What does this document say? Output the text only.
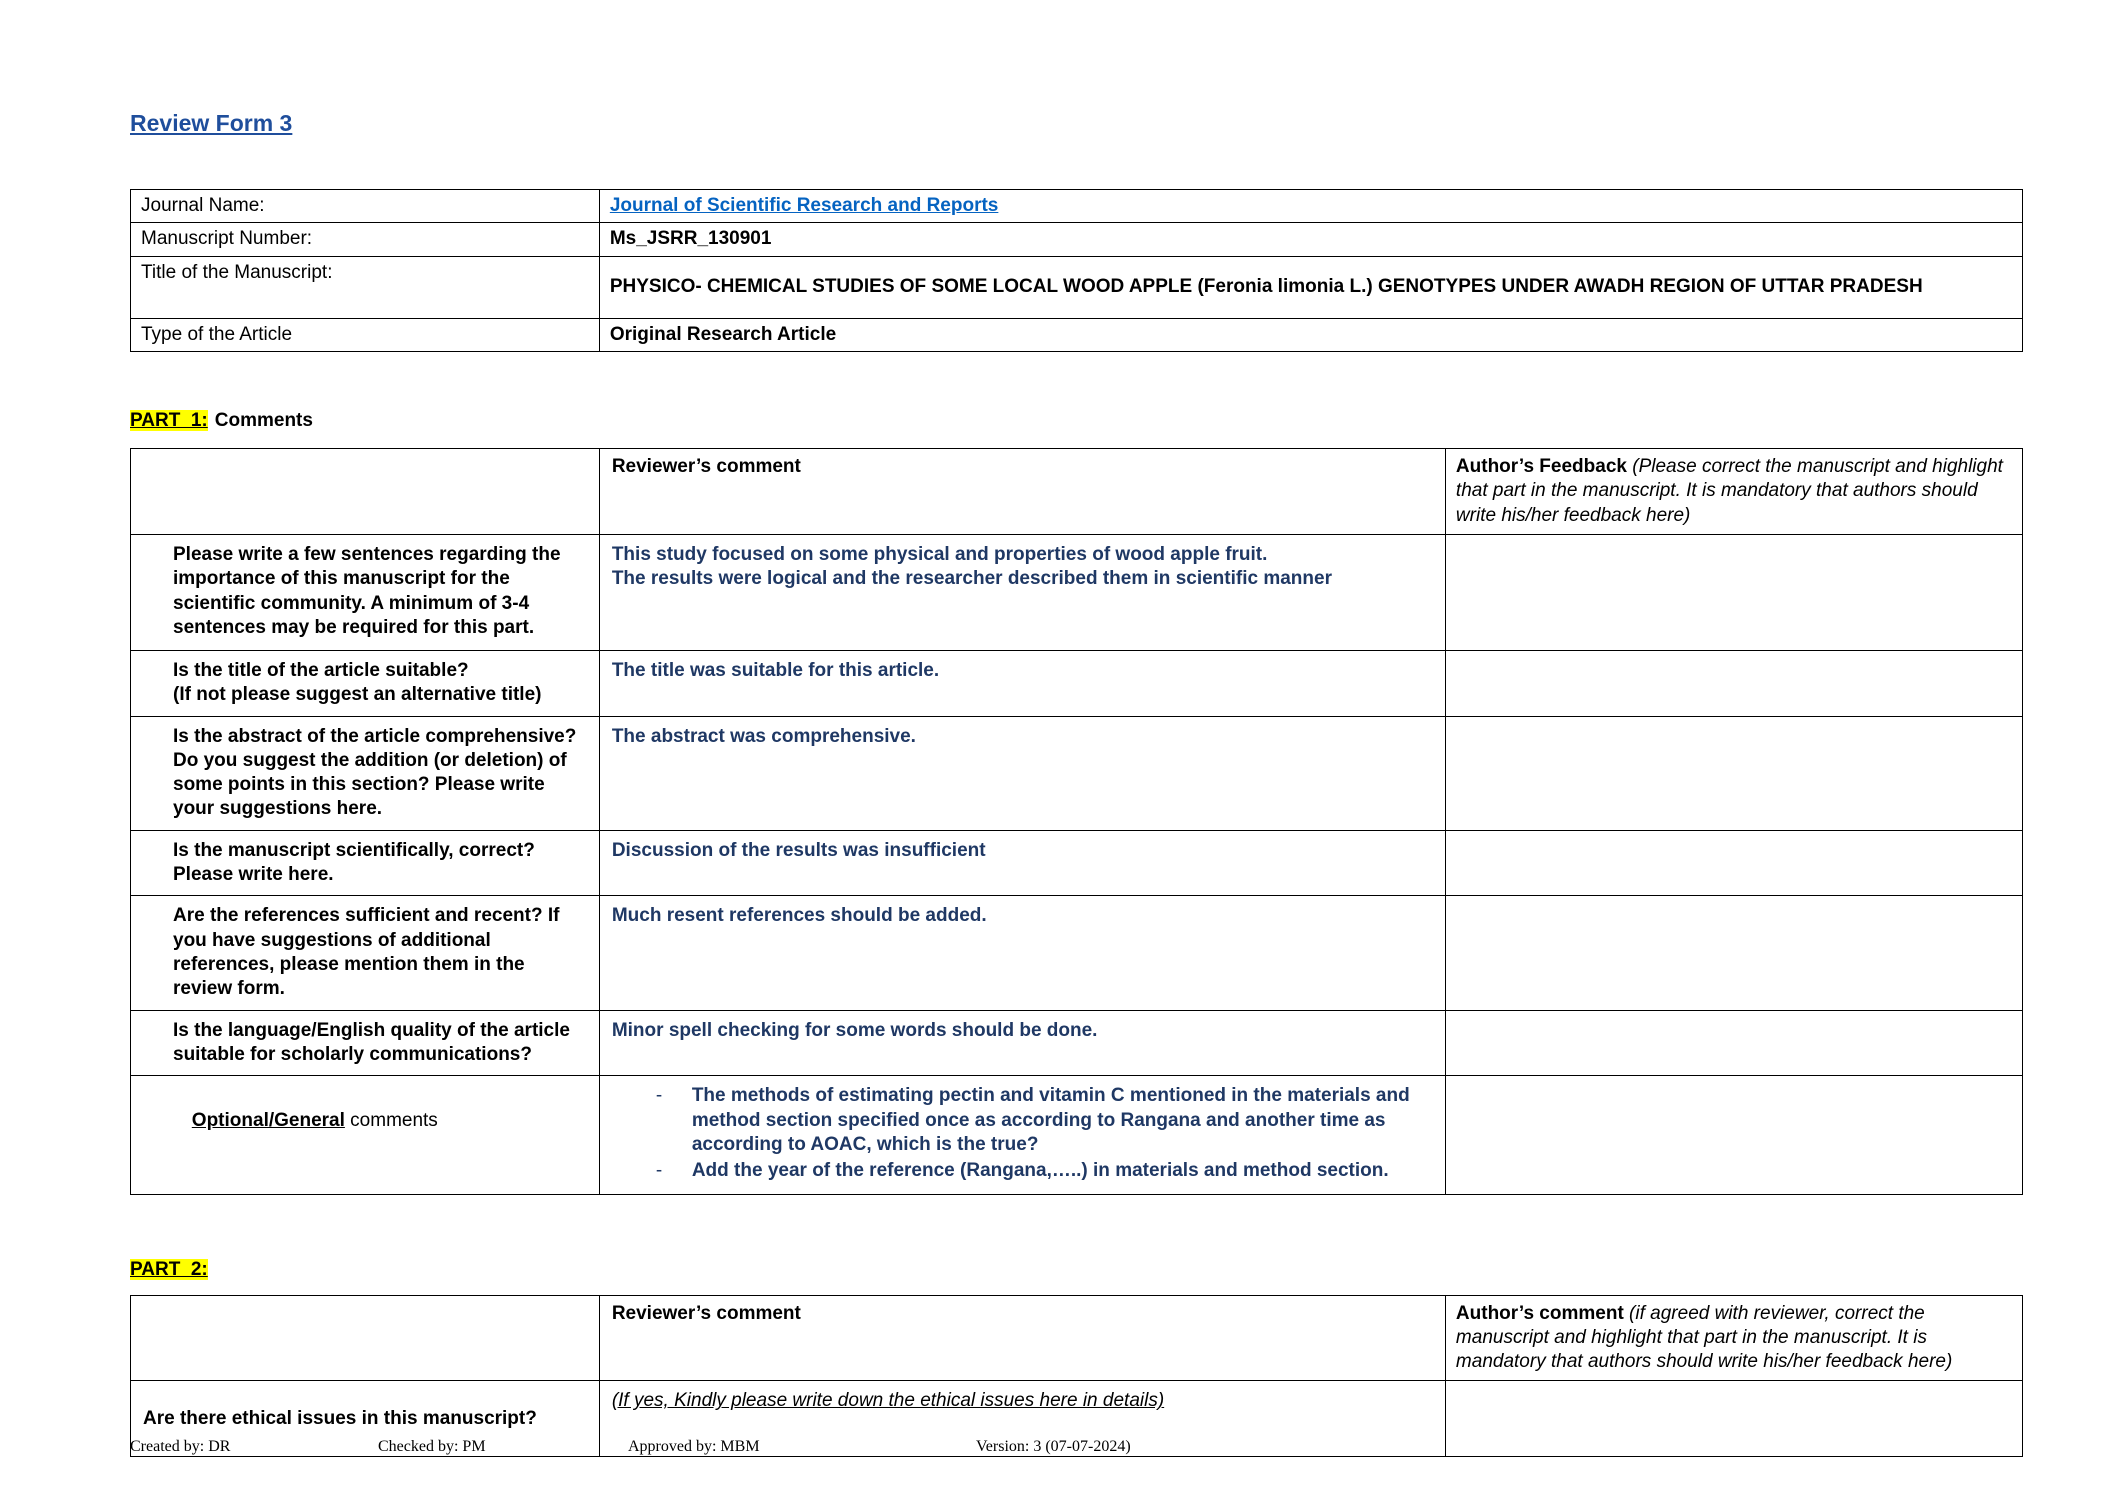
Review Form 3
Journal Name:	Journal of Scientific Research and Reports
Manuscript Number:	Ms_JSRR_130901
Title of the Manuscript:	PHYSICO- CHEMICAL STUDIES OF SOME LOCAL WOOD APPLE (Feronia limonia L.) GENOTYPES UNDER AWADH REGION OF UTTAR PRADESH
Type of the Article	Original Research Article
PART  1: Comments
	Reviewer’s comment	Author’s Feedback (Please correct the manuscript and highlight that part in the manuscript. It is mandatory that authors should write his/her feedback here)

Please write a few sentences regarding the importance of this manuscript for the scientific community. A minimum of 3-4 sentences may be required for this part.	This study focused on some physical and properties of wood apple fruit.
The results were logical and the researcher described them in scientific manner	

Is the title of the article suitable?
(If not please suggest an alternative title)	The title was suitable for this article.	

Is the abstract of the article comprehensive? Do you suggest the addition (or deletion) of some points in this section? Please write your suggestions here.	The abstract was comprehensive.	

Is the manuscript scientifically, correct? Please write here.	Discussion of the results was insufficient	

Are the references sufficient and recent? If you have suggestions of additional references, please mention them in the review form.	Much resent references should be added.	

Is the language/English quality of the article suitable for scholarly communications?	Minor spell checking for some words should be done.	

Optional/General comments	- The methods of estimating pectin and vitamin C mentioned in the materials and method section specified once as according to Rangana and another time as according to AOAC, which is the true?
- Add the year of the reference (Rangana,…..) in materials and method section.	

PART  2:
	Reviewer’s comment	Author’s comment (if agreed with reviewer, correct the manuscript and highlight that part in the manuscript. It is mandatory that authors should write his/her feedback here)
Are there ethical issues in this manuscript?	(If yes, Kindly please write down the ethical issues here in details)	
Created by: DR	Checked by: PM	Approved by: MBM	Version: 3 (07-07-2024)
